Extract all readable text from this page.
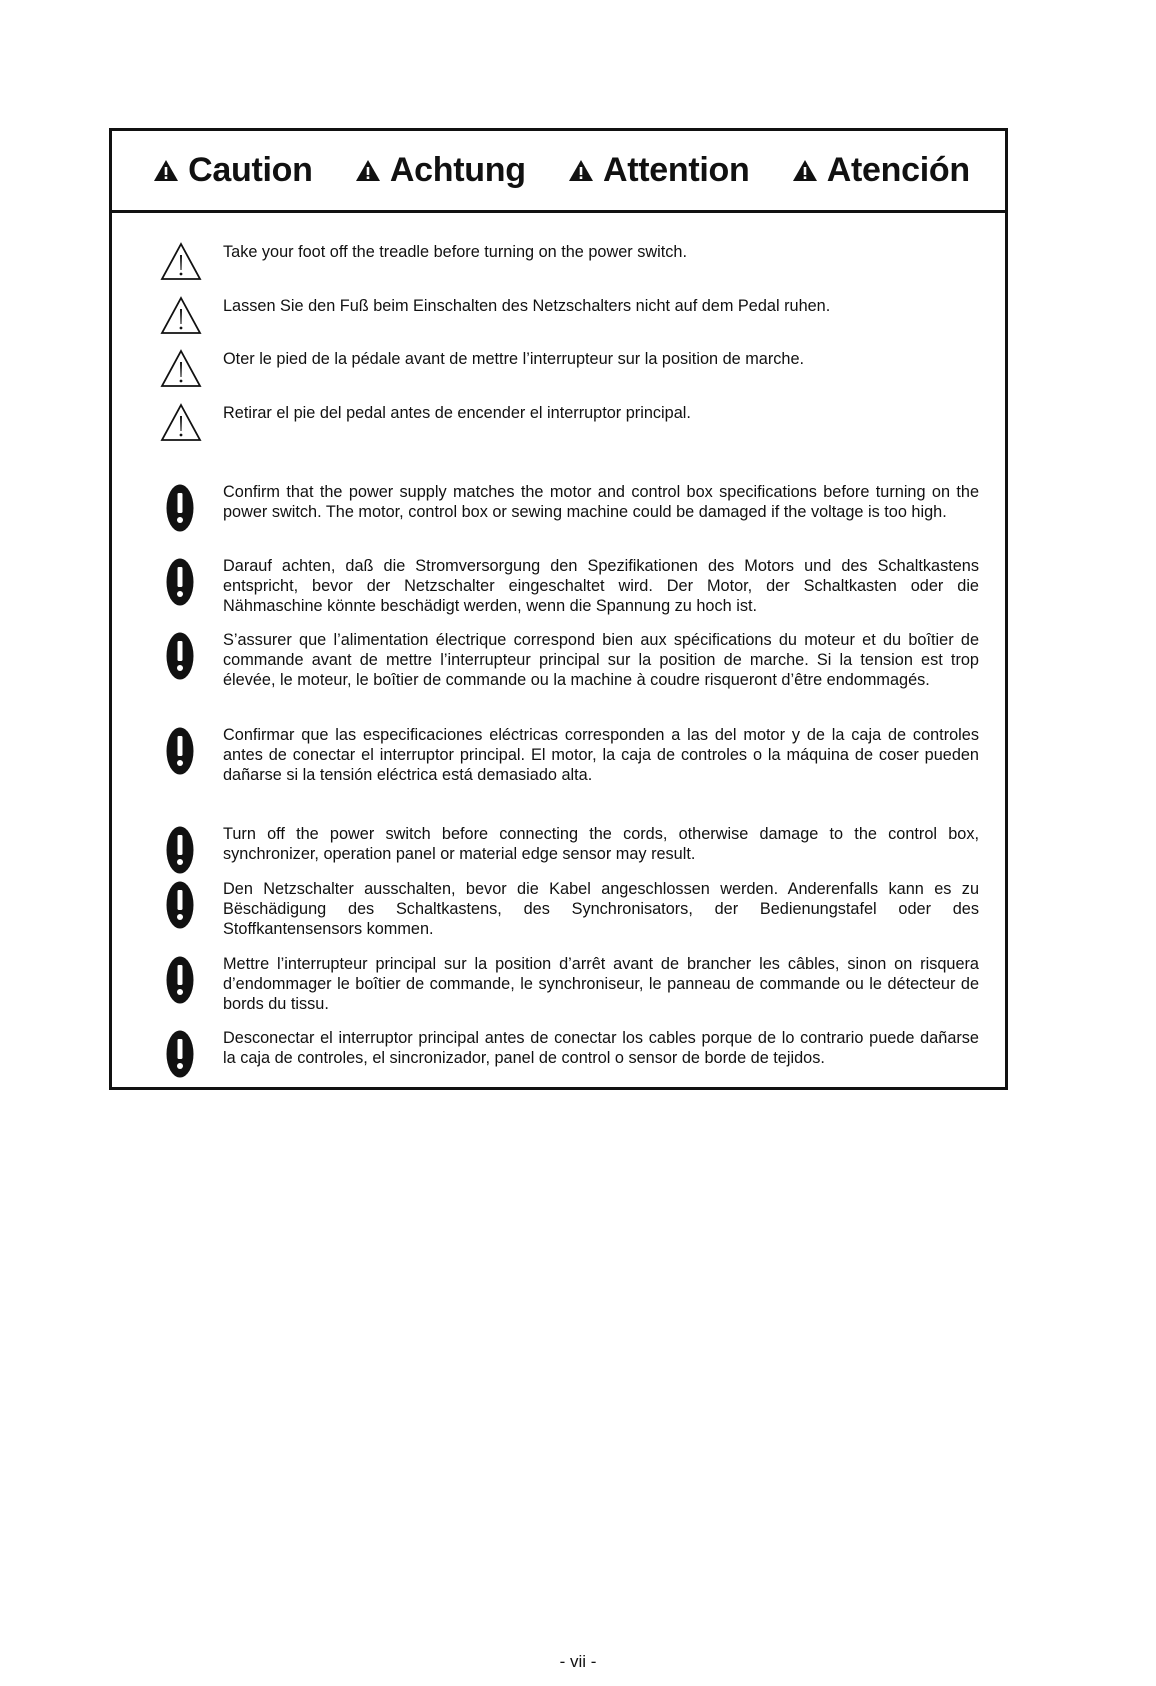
Caution Achtung Attention Atención

Take your foot off the treadle before turning on the power switch.

Lassen Sie den Fuß beim Einschalten des Netzschalters nicht auf dem Pedal ruhen.

Oter le pied de la pédale avant de mettre l’interrupteur sur la position de marche.

Retirar el pie del pedal antes de encender el interruptor principal.

Confirm that the power supply matches the motor and control box specifications before turning on the power switch. The motor, control box or sewing machine could be damaged if the voltage is too high.

Darauf achten, daß die Stromversorgung den Spezifikationen des Motors und des Schaltkastens entspricht, bevor der Netzschalter eingeschaltet wird. Der Motor, der Schaltkasten oder die Nähmaschine könnte beschädigt werden, wenn die Spannung zu hoch ist.

S’assurer que l’alimentation électrique correspond bien aux spécifications du moteur et du boîtier de commande avant de mettre l’interrupteur principal sur la position de marche. Si la tension est trop élevée, le moteur, le boîtier de commande ou la machine à coudre risqueront d’être endommagés.

Confirmar que las especificaciones eléctricas corresponden a las del motor y de la caja de controles antes de conectar el interruptor principal. El motor, la caja de controles o la máquina de coser pueden dañarse si la tensión eléctrica está demasiado alta.

Turn off the power switch before connecting the cords, otherwise damage to the control box, synchronizer, operation panel or material edge sensor may result.

Den Netzschalter ausschalten, bevor die Kabel angeschlossen werden. Anderenfalls kann es zu Bëschädigung des Schaltkastens, des Synchronisators, der Bedienungstafel oder des Stoffkantensensors kommen.

Mettre l’interrupteur principal sur la position d’arrêt avant de brancher les câbles, sinon on risquera d’endommager le boîtier de commande, le synchroniseur, le panneau de commande ou le détecteur de bords du tissu.

Desconectar el interruptor principal antes de conectar los cables porque de lo contrario puede dañarse la caja de controles, el sincronizador, panel de control o sensor de borde de tejidos.

- vii -
